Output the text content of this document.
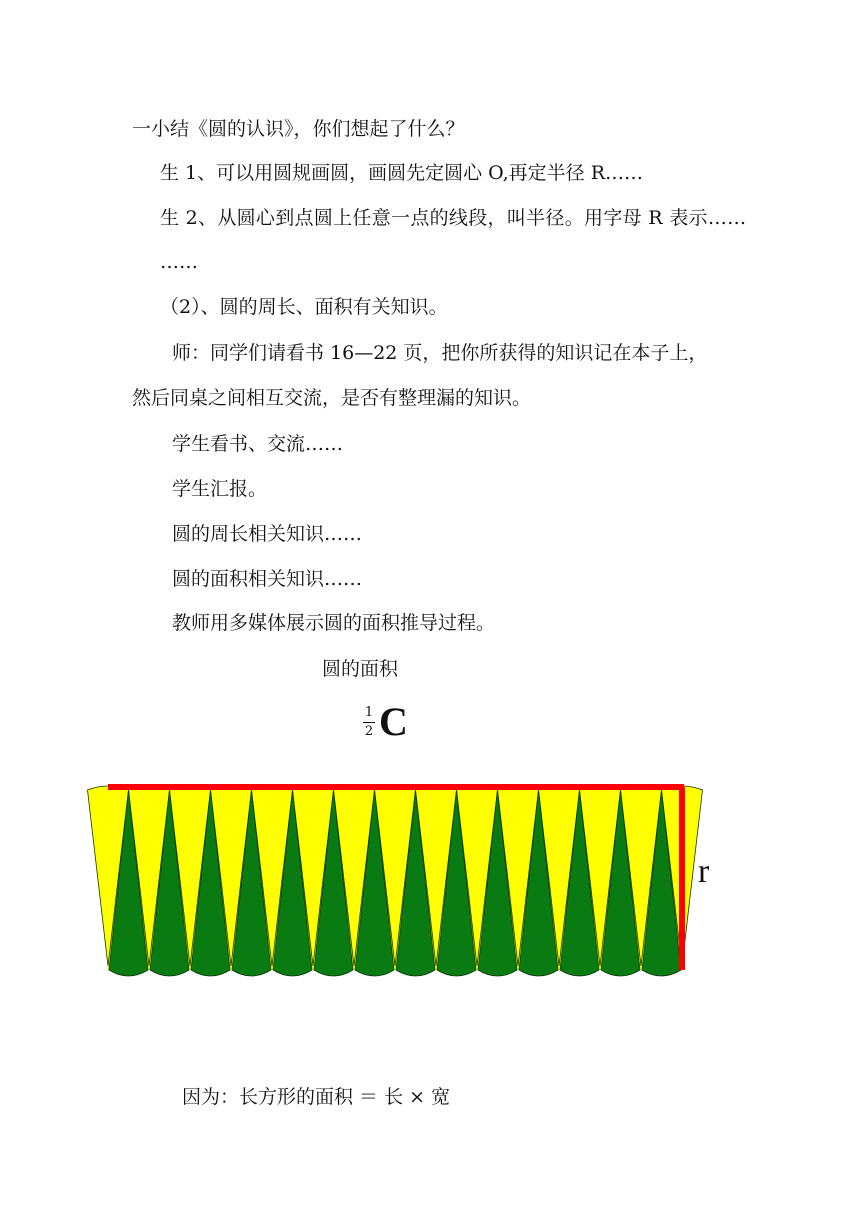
一小结《圆的认识》，你们想起了什么？
生 1、可以用圆规画圆，画圆先定圆心 O,再定半径 R……
生 2、从圆心到点圆上任意一点的线段，叫半径。用字母 R 表示……
……
（2）、圆的周长、面积有关知识。
师：同学们请看书 16—22 页，把你所获得的知识记在本子上，
然后同桌之间相互交流，是否有整理漏的知识。
学生看书、交流……
学生汇报。
圆的周长相关知识……
圆的面积相关知识……
教师用多媒体展示圆的面积推导过程。
圆的面积
1
2 C
r
因为：长方形的面积 ＝ 长 × 宽
